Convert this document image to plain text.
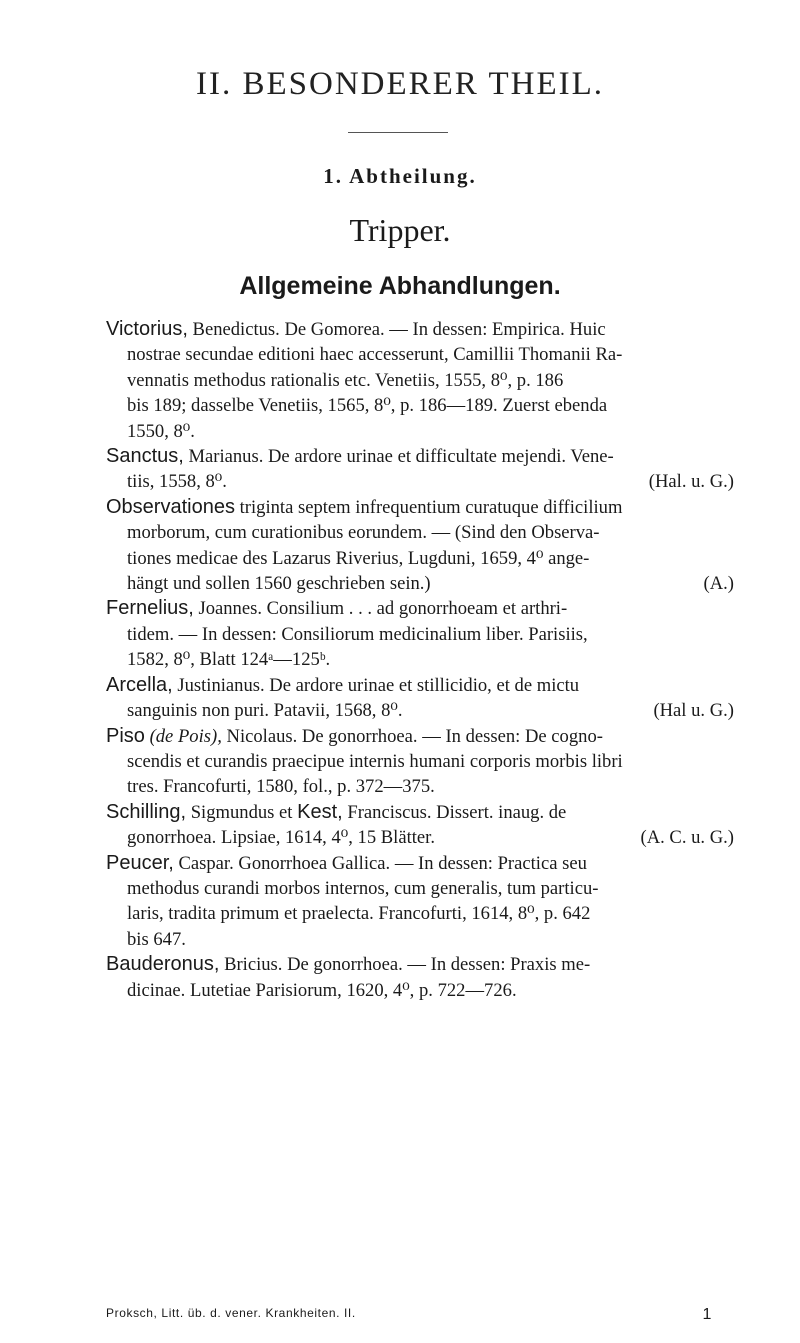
II. BESONDERER THEIL.
1. Abtheilung.
Tripper.
Allgemeine Abhandlungen.

Victorius, Benedictus. De Gomorea. — In dessen: Empirica. Huic
nostrae secundae editioni haec accesserunt, Camillii Thomanii Ra-
vennatis methodus rationalis etc. Venetiis, 1555, 8⁰, p. 186
bis 189; dasselbe Venetiis, 1565, 8⁰, p. 186—189. Zuerst ebenda
1550, 8⁰.

Sanctus, Marianus. De ardore urinae et difficultate mejendi. Vene-
tiis, 1558, 8⁰.	(Hal. u. G.)

Observationes triginta septem infrequentium curatuque difficilium
morborum, cum curationibus eorundem. — (Sind den Observa-
tiones medicae des Lazarus Riverius, Lugduni, 1659, 4⁰ ange-
hängt und sollen 1560 geschrieben sein.)	(A.)

Fernelius, Joannes. Consilium . . . ad gonorrhoeam et arthri-
tidem. — In dessen: Consiliorum medicinalium liber. Parisiis,
1582, 8⁰, Blatt 124ᵃ—125ᵇ.

Arcella, Justinianus. De ardore urinae et stillicidio, et de mictu
sanguinis non puri. Patavii, 1568, 8⁰.	(Hal u. G.)

Piso (de Pois), Nicolaus. De gonorrhoea. — In dessen: De cogno-
scendis et curandis praecipue internis humani corporis morbis libri
tres. Francofurti, 1580, fol., p. 372—375.

Schilling, Sigmundus et Kest, Franciscus. Dissert. inaug. de
gonorrhoea. Lipsiae, 1614, 4⁰, 15 Blätter.	(A. C. u. G.)

Peucer, Caspar. Gonorrhoea Gallica. — In dessen: Practica seu
methodus curandi morbos internos, cum generalis, tum particu-
laris, tradita primum et praelecta. Francofurti, 1614, 8⁰, p. 642
bis 647.

Bauderonus, Bricius. De gonorrhoea. — In dessen: Praxis me-
dicinae. Lutetiae Parisiorum, 1620, 4⁰, p. 722—726.

Proksch, Litt. üb. d. vener. Krankheiten. II.	1
